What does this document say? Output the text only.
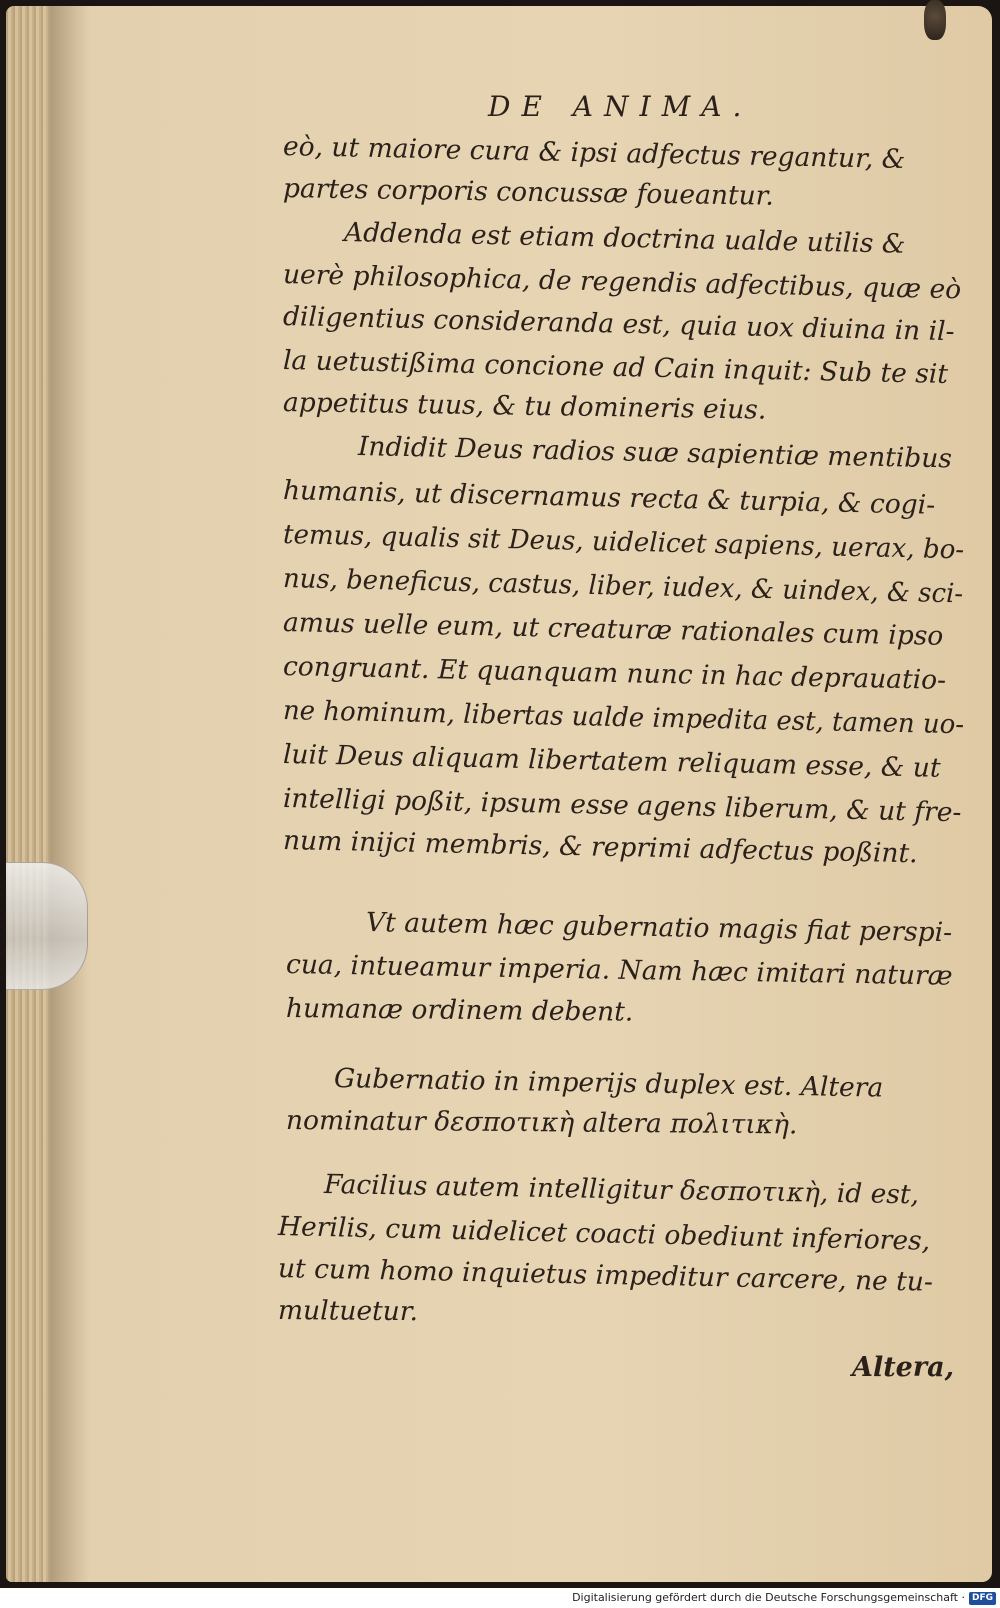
DE ANIMA.
eò, ut maiore cura & ipsi adfectus regantur, &
partes corporis concussæ foueantur.
Addenda est etiam doctrina ualde utilis &
uerè philosophica, de regendis adfectibus, quæ eò
diligentius consideranda est, quia uox diuina in il-
la uetustißima concione ad Cain inquit: Sub te sit
appetitus tuus, & tu domineris eius.
Indidit Deus radios suæ sapientiæ mentibus
humanis, ut discernamus recta & turpia, & cogi-
temus, qualis sit Deus, uidelicet sapiens, uerax, bo-
nus, beneficus, castus, liber, iudex, & uindex, & sci-
amus uelle eum, ut creaturæ rationales cum ipso
congruant. Et quanquam nunc in hac deprauatio-
ne hominum, libertas ualde impedita est, tamen uo-
luit Deus aliquam libertatem reliquam esse, & ut
intelligi poßit, ipsum esse agens liberum, & ut fre-
num inijci membris, & reprimi adfectus poßint.
Vt autem hæc gubernatio magis fiat perspi-
cua, intueamur imperia. Nam hæc imitari naturæ
humanæ ordinem debent.
Gubernatio in imperijs duplex est. Altera
nominatur δεσποτικὴ altera πολιτικὴ.
Facilius autem intelligitur δεσποτικὴ, id est,
Herilis, cum uidelicet coacti obediunt inferiores,
ut cum homo inquietus impeditur carcere, ne tu-
multuetur.
Altera,
Digitalisierung gefördert durch die Deutsche Forschungsgemeinschaft · DFG
